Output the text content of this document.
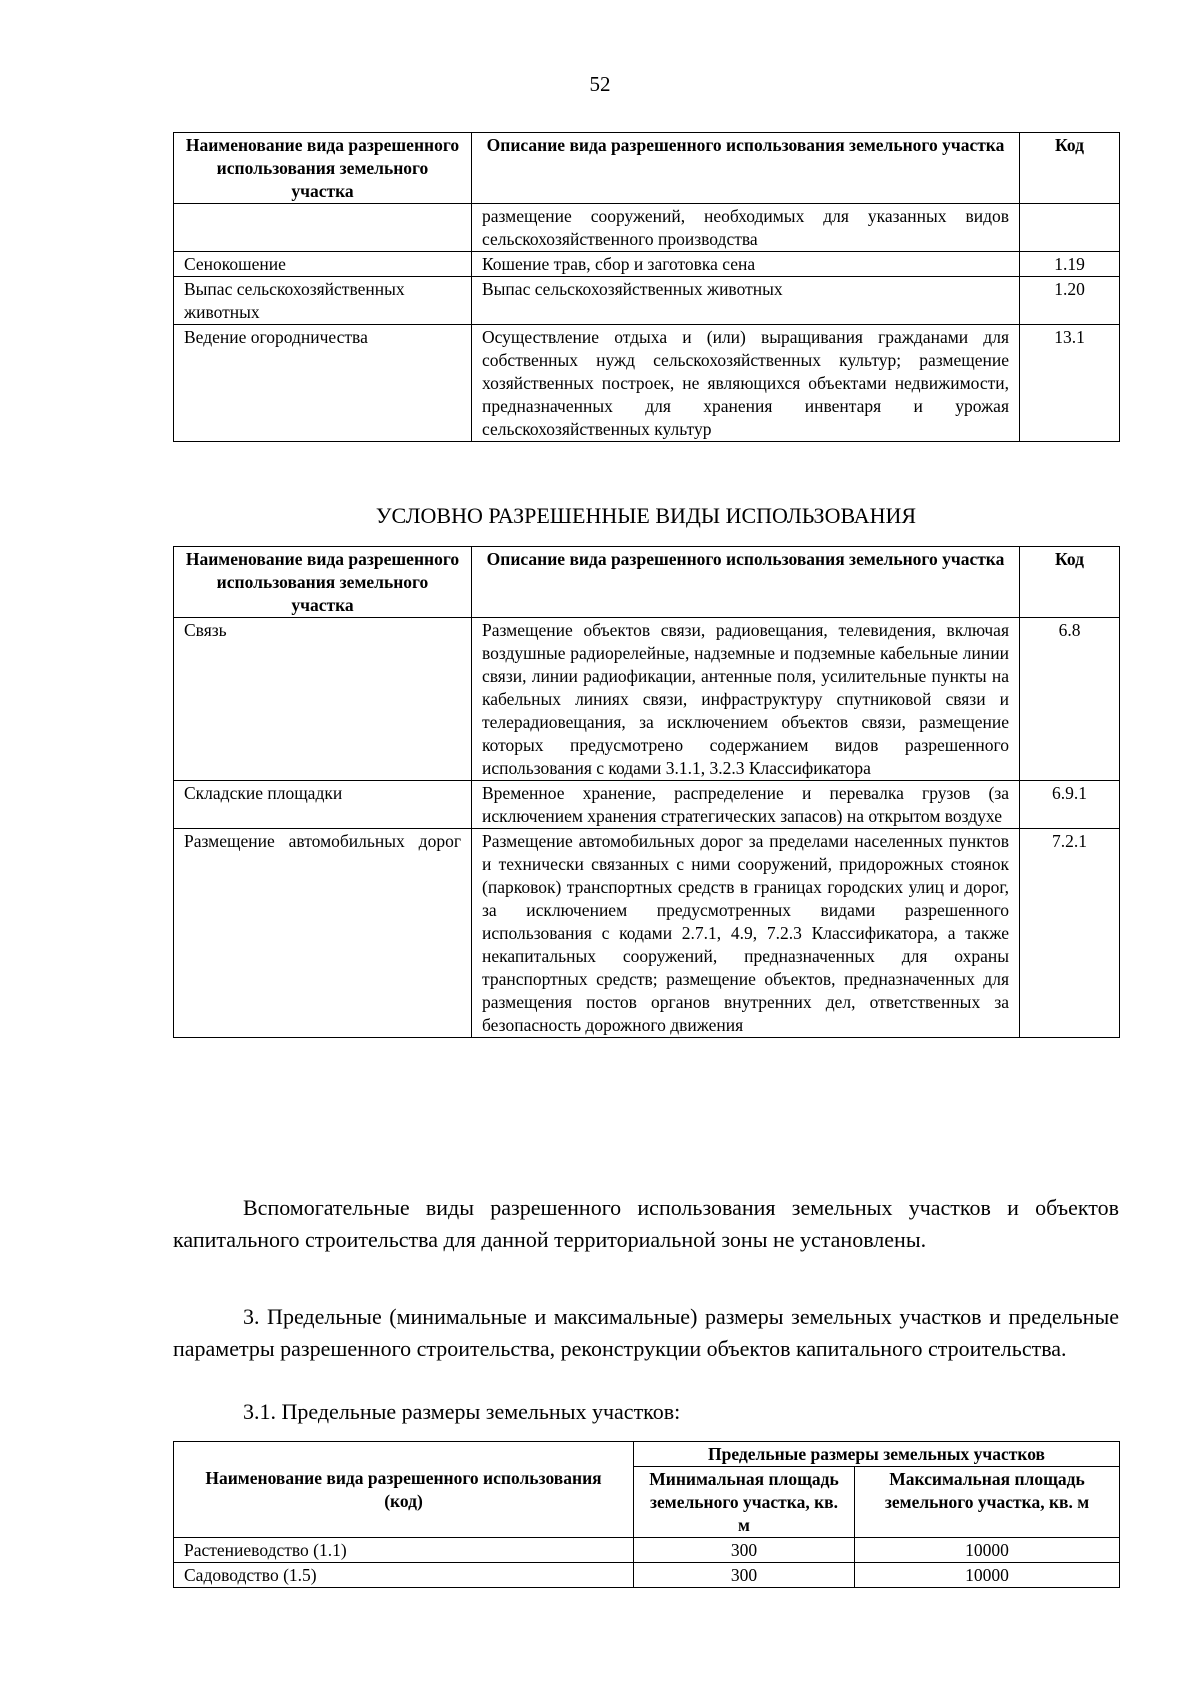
52
Наименование вида разрешенного использования земельного участка	Описание вида разрешенного использования земельного участка	Код
	размещение сооружений, необходимых для указанных видов сельскохозяйственного производства	
Сенокошение	Кошение трав, сбор и заготовка сена	1.19
Выпас сельскохозяйственных животных	Выпас сельскохозяйственных животных	1.20
Ведение огородничества	Осуществление отдыха и (или) выращивания гражданами для собственных нужд сельскохозяйственных культур; размещение хозяйственных построек, не являющихся объектами недвижимости, предназначенных для хранения инвентаря и урожая сельскохозяйственных культур	13.1
УСЛОВНО РАЗРЕШЕННЫЕ ВИДЫ ИСПОЛЬЗОВАНИЯ
Наименование вида разрешенного использования земельного участка	Описание вида разрешенного использования земельного участка	Код
Связь	Размещение объектов связи, радиовещания, телевидения, включая воздушные радиорелейные, надземные и подземные кабельные линии связи, линии радиофикации, антенные поля, усилительные пункты на кабельных линиях связи, инфраструктуру спутниковой связи и телерадиовещания, за исключением объектов связи, размещение которых предусмотрено содержанием видов разрешенного использования с кодами 3.1.1, 3.2.3 Классификатора	6.8
Складские площадки	Временное хранение, распределение и перевалка грузов (за исключением хранения стратегических запасов) на открытом воздухе	6.9.1
Размещение автомобильных дорог	Размещение автомобильных дорог за пределами населенных пунктов и технически связанных с ними сооружений, придорожных стоянок (парковок) транспортных средств в границах городских улиц и дорог, за исключением предусмотренных видами разрешенного использования с кодами 2.7.1, 4.9, 7.2.3 Классификатора, а также некапитальных сооружений, предназначенных для охраны транспортных средств; размещение объектов, предназначенных для размещения постов органов внутренних дел, ответственных за безопасность дорожного движения	7.2.1

Вспомогательные виды разрешенного использования земельных участков и объектов капитального строительства для данной территориальной зоны не установлены.

3. Предельные (минимальные и максимальные) размеры земельных участков и предельные параметры разрешенного строительства, реконструкции объектов капитального строительства.

3.1. Предельные размеры земельных участков:

Наименование вида разрешенного использования (код)	Предельные размеры земельных участков	
	Минимальная площадь земельного участка, кв. м	Максимальная площадь земельного участка, кв. м
Растениеводство (1.1)	300	10000
Садоводство (1.5)	300	10000
